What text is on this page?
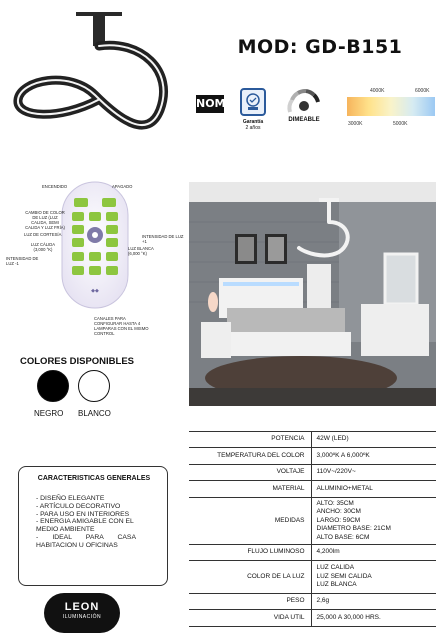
MOD: GD-B151
NOM
Garantía
2 años
DIMEABLE
4000K	6000K
3000K	5000K
◆◆
ENCENDIDO	APAGADO
CAMBIO DE COLOR DE LUZ (LUZ CALIDA, SEMI CALIDA Y LUZ FRÍA)
LUZ DE CORTESÍA
LUZ CÁLIDA (3,000 °K)
INTENSIDAD DE LUZ +1
LUZ BLANCA (6,000 °K)
INTENSIDAD DE LUZ -1
CANALES PARA CONFIGURAR HASTA 4 LAMPARAS CON EL MISMO CONTROL
COLORES DISPONIBLES
NEGRO BLANCO
CARACTERISTICAS GENERALES
- DISEÑO ELEGANTE
- ARTÍCULO DECORATIVO
- PARA USO EN INTERIORES
- ENERGIA AMIGABLE CON EL MEDIO AMBIENTE
- IDEAL PARA CASA HABITACION U OFICINAS
LEON
ILUMINACIÓN
POTENCIA	42W (LED)

TEMPERATURA DEL COLOR	3,000ºK A 6,000ºK

VOLTAJE	110V~/220V~

MATERIAL	ALUMINIO+METAL

MEDIDAS	ALTO: 35CM
ANCHO: 30CM
LARGO: 59CM
DIAMETRO BASE: 21CM
ALTO BASE: 6CM

FLUJO LUMINOSO	4,200lm

COLOR DE LA LUZ	LUZ CALIDA
LUZ SEMI CALIDA
LUZ BLANCA

PESO	2,6g

VIDA UTIL	25,000 A 30,000 HRS.
